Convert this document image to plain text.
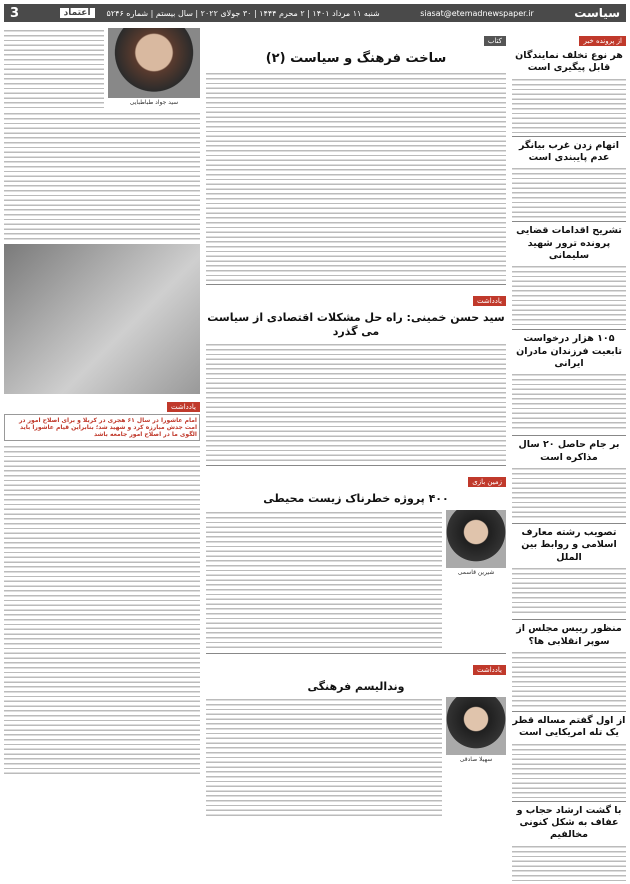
سیاست
siasat@etemadnewspaper.ir
شنبه ۱۱ مرداد ۱۴۰۱ | ۲ محرم ۱۴۴۴ | ۳۰ جولای ۲۰۲۲ | سال بیستم | شماره ۵۲۴۶
اعتماد
3
از پرونده خبر
هر نوع تخلف نمایندگان قابل پیگیری است
اتهام زدن غرب بیانگر عدم پایبندی است
تشریح اقدامات قضایی پرونده ترور شهید سلیمانی
۱۰۵ هزار درخواست تابعیت فرزندان مادران ایرانی
بر جام حاصل ۲۰ سال مذاکره است
تصویب رشته معارف اسلامی و روابط بین الملل
منظور رییس مجلس از سوپر انقلابی ها؟
از اول گفتم مساله قطر یک تله امریکایی است
با گشت ارشاد حجاب و عفاف به شکل کنونی مخالفیم
کتاب
ساخت فرهنگ و سیاست (۲)
یادداشت
سید حسن خمینی: راه حل مشکلات اقتصادی از سیاست می گذرد
زمین بازی
۴۰۰ پروژه خطرناک زیست محیطی
شیرین قاسمی
یادداشت
وندالیسم فرهنگی
سهیلا صادقی
سید جواد طباطبایی
یادداشت
امام عاشورا در سال ۶۱ هجری در کربلا و برای اصلاح امور در امت جدش مبارزه کرد و شهید شد؛ بنابراین قیام عاشورا باید الگوی ما در اصلاح امور جامعه باشد
